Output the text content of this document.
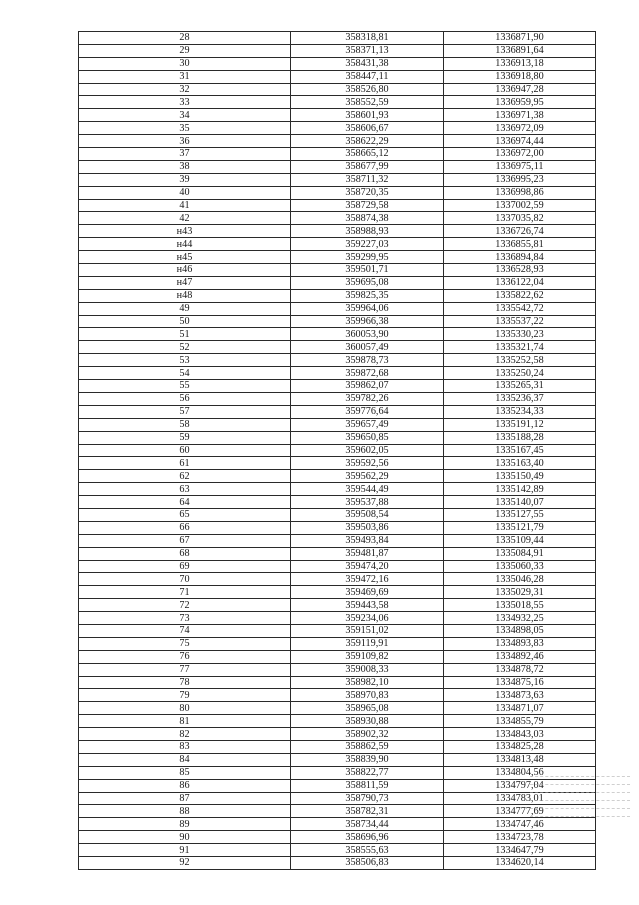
28	358318,81	1336871,90
29	358371,13	1336891,64
30	358431,38	1336913,18
31	358447,11	1336918,80
32	358526,80	1336947,28
33	358552,59	1336959,95
34	358601,93	1336971,38
35	358606,67	1336972,09
36	358622,29	1336974,44
37	358665,12	1336972,00
38	358677,99	1336975,11
39	358711,32	1336995,23
40	358720,35	1336998,86
41	358729,58	1337002,59
42	358874,38	1337035,82
н43	358988,93	1336726,74
н44	359227,03	1336855,81
н45	359299,95	1336894,84
н46	359501,71	1336528,93
н47	359695,08	1336122,04
н48	359825,35	1335822,62
49	359964,06	1335542,72
50	359966,38	1335537,22
51	360053,90	1335330,23
52	360057,49	1335321,74
53	359878,73	1335252,58
54	359872,68	1335250,24
55	359862,07	1335265,31
56	359782,26	1335236,37
57	359776,64	1335234,33
58	359657,49	1335191,12
59	359650,85	1335188,28
60	359602,05	1335167,45
61	359592,56	1335163,40
62	359562,29	1335150,49
63	359544,49	1335142,89
64	359537,88	1335140,07
65	359508,54	1335127,55
66	359503,86	1335121,79
67	359493,84	1335109,44
68	359481,87	1335084,91
69	359474,20	1335060,33
70	359472,16	1335046,28
71	359469,69	1335029,31
72	359443,58	1335018,55
73	359234,06	1334932,25
74	359151,02	1334898,05
75	359119,91	1334893,83
76	359109,82	1334892,46
77	359008,33	1334878,72
78	358982,10	1334875,16
79	358970,83	1334873,63
80	358965,08	1334871,07
81	358930,88	1334855,79
82	358902,32	1334843,03
83	358862,59	1334825,28
84	358839,90	1334813,48
85	358822,77	1334804,56
86	358811,59	1334797,04
87	358790,73	1334783,01
88	358782,31	1334777,69
89	358734,44	1334747,46
90	358696,96	1334723,78
91	358555,63	1334647,79
92	358506,83	1334620,14
